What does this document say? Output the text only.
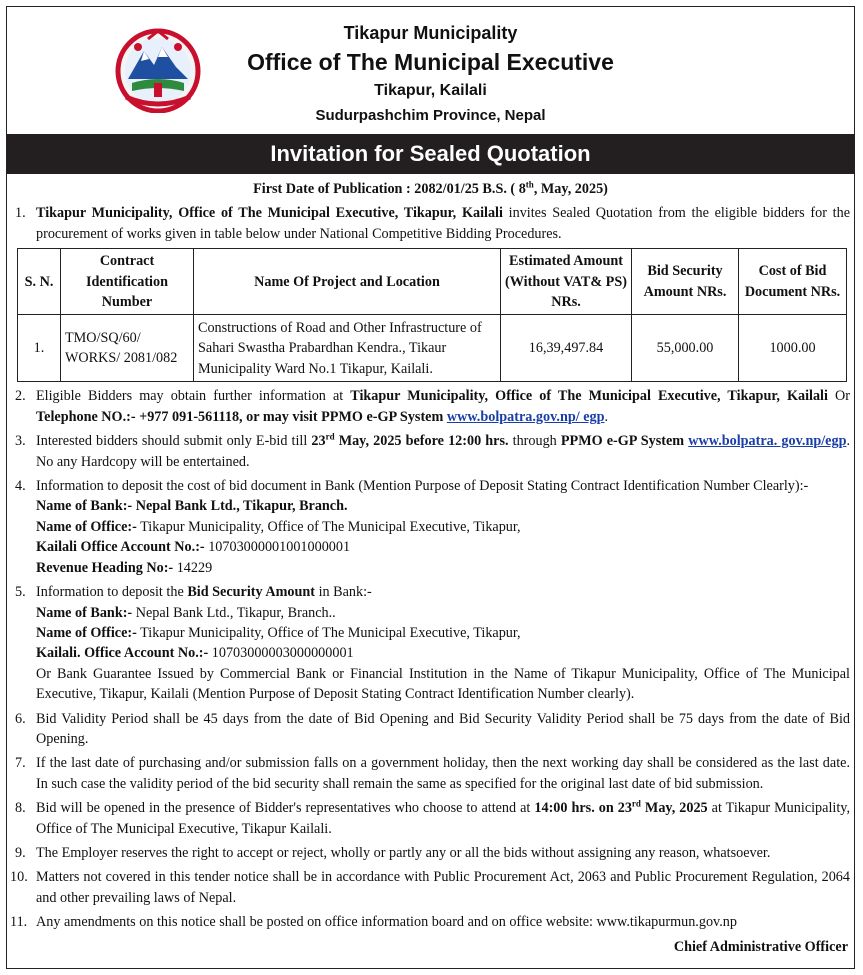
Tikapur Municipality
Office of The Municipal Executive
Tikapur, Kailali
Sudurpashchim Province, Nepal
Invitation for Sealed Quotation
First Date of Publication : 2082/01/25 B.S. ( 8th, May, 2025)
1. Tikapur Municipality, Office of The Municipal Executive, Tikapur, Kailali invites Sealed Quotation from the eligible bidders for the procurement of works given in table below under National Competitive Bidding Procedures.
S. N.	Contract Identification Number	Name Of Project and Location	Estimated Amount (Without VAT& PS) NRs.	Bid Security Amount NRs.	Cost of Bid Document NRs.
1.	TMO/SQ/60/ WORKS/ 2081/082	Constructions of Road and Other Infrastructure of Sahari Swastha Prabardhan Kendra., Tikaur Municipality Ward No.1 Tikapur, Kailali.	16,39,497.84	55,000.00	1000.00
2. Eligible Bidders may obtain further information at Tikapur Municipality, Office of The Municipal Executive, Tikapur, Kailali Or Telephone NO.:- +977 091-561118, or may visit PPMO e-GP System www.bolpatra.gov.np/ egp.
3. Interested bidders should submit only E-bid till 23rd May, 2025 before 12:00 hrs. through PPMO e-GP System www.bolpatra. gov.np/egp. No any Hardcopy will be entertained.
4. Information to deposit the cost of bid document in Bank (Mention Purpose of Deposit Stating Contract Identification Number Clearly):-
Name of Bank:- Nepal Bank Ltd., Tikapur, Branch.
Name of Office:- Tikapur Municipality, Office of The Municipal Executive, Tikapur,
Kailali Office Account No.:- 10703000001001000001
Revenue Heading No:- 14229
5. Information to deposit the Bid Security Amount in Bank:-
Name of Bank:- Nepal Bank Ltd., Tikapur, Branch..
Name of Office:- Tikapur Municipality, Office of The Municipal Executive, Tikapur,
Kailali. Office Account No.:- 10703000003000000001
Or Bank Guarantee Issued by Commercial Bank or Financial Institution in the Name of Tikapur Municipality, Office of The Municipal Executive, Tikapur, Kailali (Mention Purpose of Deposit Stating Contract Identification Number clearly).
6. Bid Validity Period shall be 45 days from the date of Bid Opening and Bid Security Validity Period shall be 75 days from the date of Bid Opening.
7. If the last date of purchasing and/or submission falls on a government holiday, then the next working day shall be considered as the last date. In such case the validity period of the bid security shall remain the same as specified for the original last date of bid submission.
8. Bid will be opened in the presence of Bidder's representatives who choose to attend at 14:00 hrs. on 23rd May, 2025 at Tikapur Municipality, Office of The Municipal Executive, Tikapur Kailali.
9. The Employer reserves the right to accept or reject, wholly or partly any or all the bids without assigning any reason, whatsoever.
10. Matters not covered in this tender notice shall be in accordance with Public Procurement Act, 2063 and Public Procurement Regulation, 2064 and other prevailing laws of Nepal.
11. Any amendments on this notice shall be posted on office information board and on office website: www.tikapurmun.gov.np
Chief Administrative Officer
